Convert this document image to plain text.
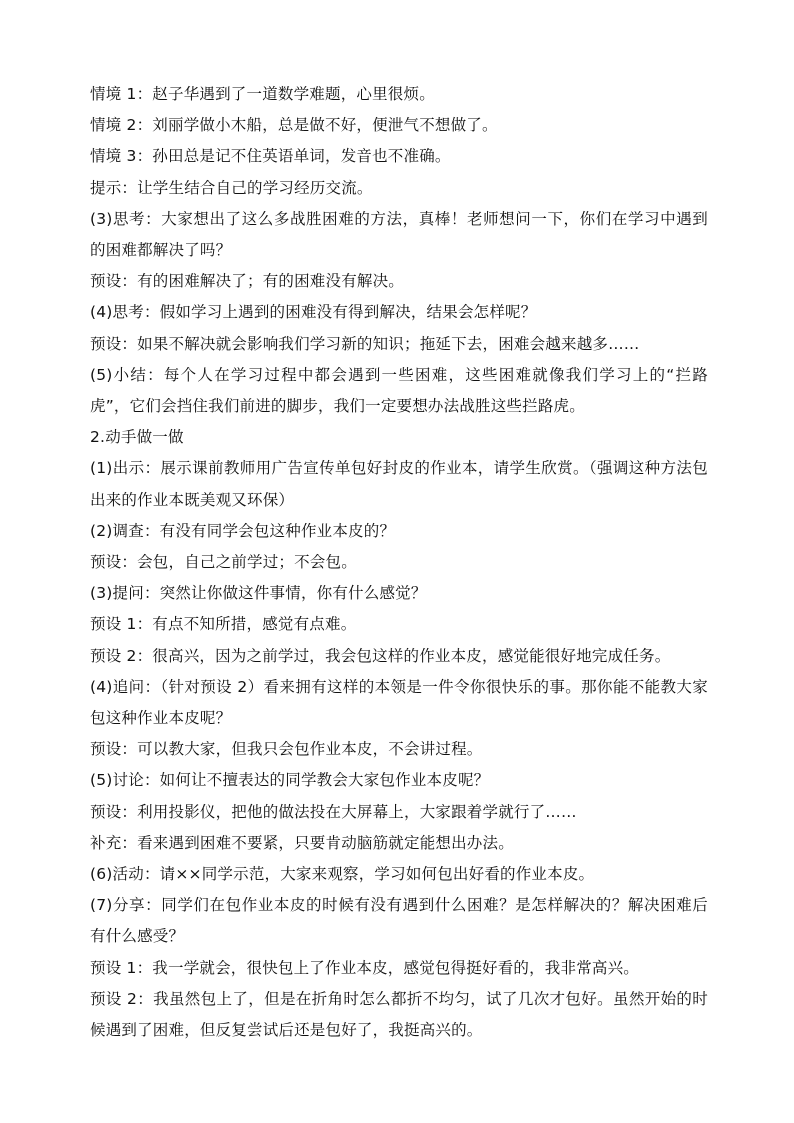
情境 1：赵子华遇到了一道数学难题，心里很烦。

情境 2：刘丽学做小木船，总是做不好，便泄气不想做了。

情境 3：孙田总是记不住英语单词，发音也不准确。

提示：让学生结合自己的学习经历交流。

(3)思考：大家想出了这么多战胜困难的方法，真棒！老师想问一下，你们在学习中遇到的困难都解决了吗？

预设：有的困难解决了；有的困难没有解决。

(4)思考：假如学习上遇到的困难没有得到解决，结果会怎样呢？

预设：如果不解决就会影响我们学习新的知识；拖延下去，困难会越来越多……

(5)小结：每个人在学习过程中都会遇到一些困难，这些困难就像我们学习上的“拦路虎”，它们会挡住我们前进的脚步，我们一定要想办法战胜这些拦路虎。

2.动手做一做

(1)出示：展示课前教师用广告宣传单包好封皮的作业本，请学生欣赏。（强调这种方法包出来的作业本既美观又环保）

(2)调查：有没有同学会包这种作业本皮的？

预设：会包，自己之前学过；不会包。

(3)提问：突然让你做这件事情，你有什么感觉？

预设 1：有点不知所措，感觉有点难。

预设 2：很高兴，因为之前学过，我会包这样的作业本皮，感觉能很好地完成任务。

(4)追问：（针对预设 2）看来拥有这样的本领是一件令你很快乐的事。那你能不能教大家包这种作业本皮呢？

预设：可以教大家，但我只会包作业本皮，不会讲过程。

(5)讨论：如何让不擅表达的同学教会大家包作业本皮呢？

预设：利用投影仪，把他的做法投在大屏幕上，大家跟着学就行了……

补充：看来遇到困难不要紧，只要肯动脑筋就定能想出办法。

(6)活动：请××同学示范，大家来观察，学习如何包出好看的作业本皮。

(7)分享：同学们在包作业本皮的时候有没有遇到什么困难？是怎样解决的？解决困难后有什么感受？

预设 1：我一学就会，很快包上了作业本皮，感觉包得挺好看的，我非常高兴。

预设 2：我虽然包上了，但是在折角时怎么都折不均匀，试了几次才包好。虽然开始的时候遇到了困难，但反复尝试后还是包好了，我挺高兴的。
